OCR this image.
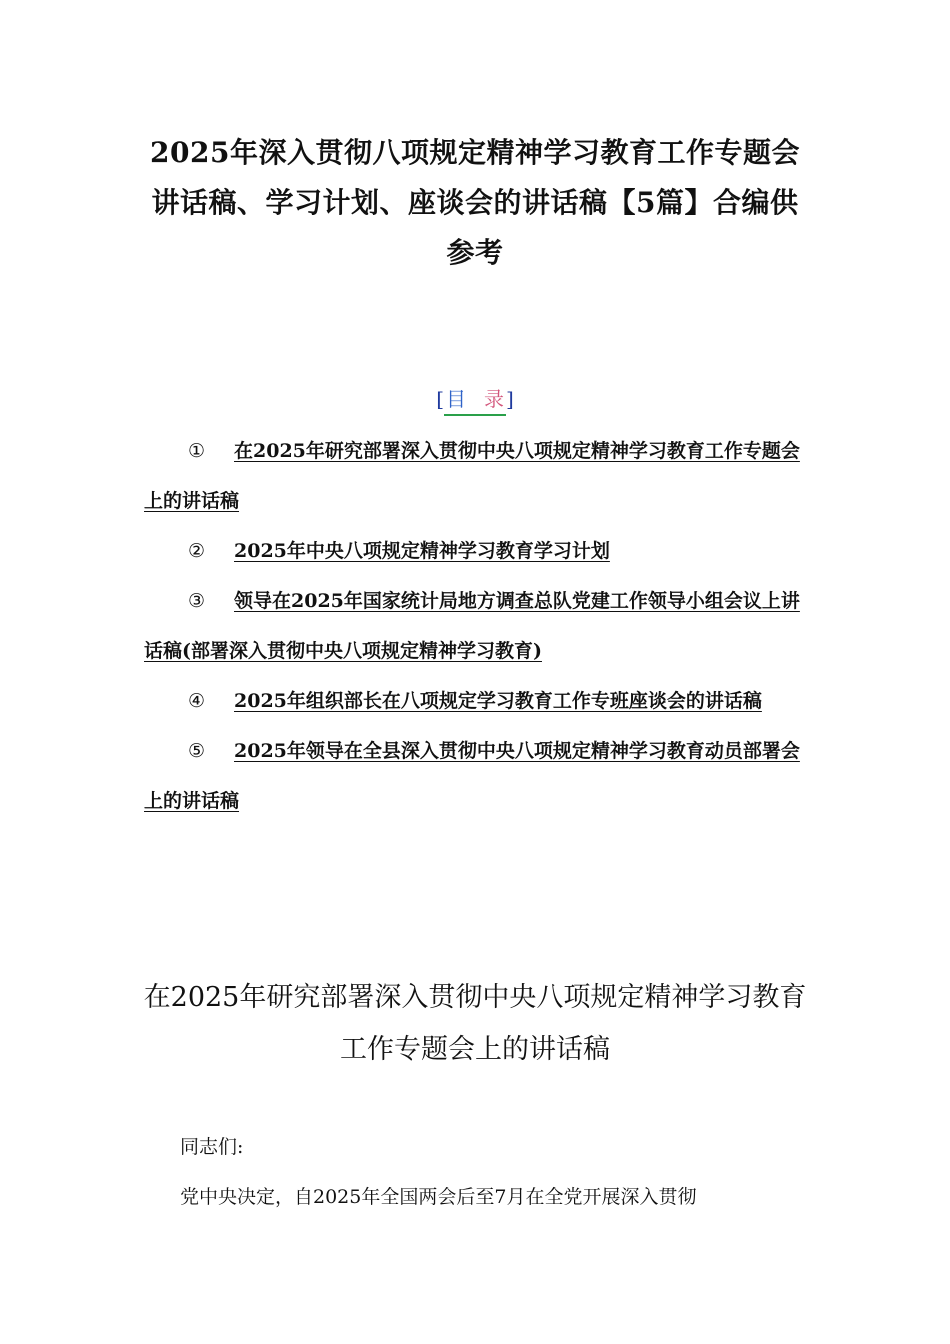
2025年深入贯彻八项规定精神学习教育工作专题会讲话稿、学习计划、座谈会的讲话稿【5篇】合编供参考
[ 目 录 ]

① 在2025年研究部署深入贯彻中央八项规定精神学习教育工作专题会上的讲话稿

② 2025年中央八项规定精神学习教育学习计划

③ 领导在2025年国家统计局地方调查总队党建工作领导小组会议上讲话稿(部署深入贯彻中央八项规定精神学习教育)

④ 2025年组织部长在八项规定学习教育工作专班座谈会的讲话稿

⑤ 2025年领导在全县深入贯彻中央八项规定精神学习教育动员部署会上的讲话稿

在2025年研究部署深入贯彻中央八项规定精神学习教育工作专题会上的讲话稿

同志们:

党中央决定，自2025年全国两会后至7月在全党开展深入贯彻
